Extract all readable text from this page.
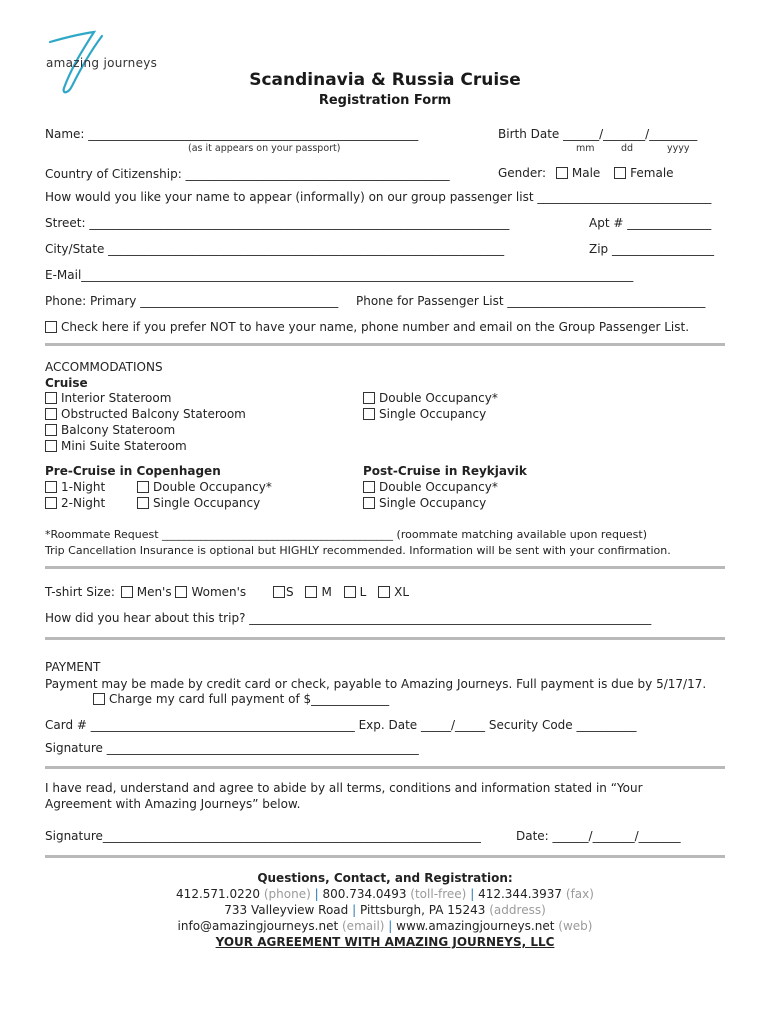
amazing journeys
Scandinavia & Russia Cruise
Registration Form
Name: _______________________________________________________
(as it appears on your passport)
Birth Date ______/_______/________
mm	dd	yyyy
Country of Citizenship: ____________________________________________	Gender: Male Female
How would you like your name to appear (informally) on our group passenger list _____________________________
Street: ______________________________________________________________________	Apt # ______________
City/State __________________________________________________________________	Zip _________________
E-Mail____________________________________________________________________________________________
Phone: Primary _________________________________ Phone for Passenger List _________________________________
Check here if you prefer NOT to have your name, phone number and email on the Group Passenger List.
ACCOMMODATIONS
Cruise
Interior Stateroom
Obstructed Balcony Stateroom
Balcony Stateroom
Mini Suite Stateroom
Double Occupancy*
Single Occupancy
Pre-Cruise in Copenhagen
1-Night
2-Night
Double Occupancy*
Single Occupancy
Post-Cruise in Reykjavik
Double Occupancy*
Single Occupancy
*Roommate Request __________________________________________ (roommate matching available upon request)
Trip Cancellation Insurance is optional but HIGHLY recommended. Information will be sent with your confirmation.
T-shirt Size: Men's Women's	S M L XL
How did you hear about this trip? ___________________________________________________________________
PAYMENT
Payment may be made by credit card or check, payable to Amazing Journeys. Full payment is due by 5/17/17.
Charge my card full payment of $_____________
Card # ____________________________________________ Exp. Date _____/_____ Security Code __________
Signature ____________________________________________________
I have read, understand and agree to abide by all terms, conditions and information stated in “Your
Agreement with Amazing Journeys” below.
Signature_______________________________________________________________	Date: ______/_______/_______
Questions, Contact, and Registration:
412.571.0220 (phone) | 800.734.0493 (toll-free) | 412.344.3937 (fax)
733 Valleyview Road | Pittsburgh, PA 15243 (address)
info@amazingjourneys.net (email) | www.amazingjourneys.net (web)
YOUR AGREEMENT WITH AMAZING JOURNEYS, LLC
